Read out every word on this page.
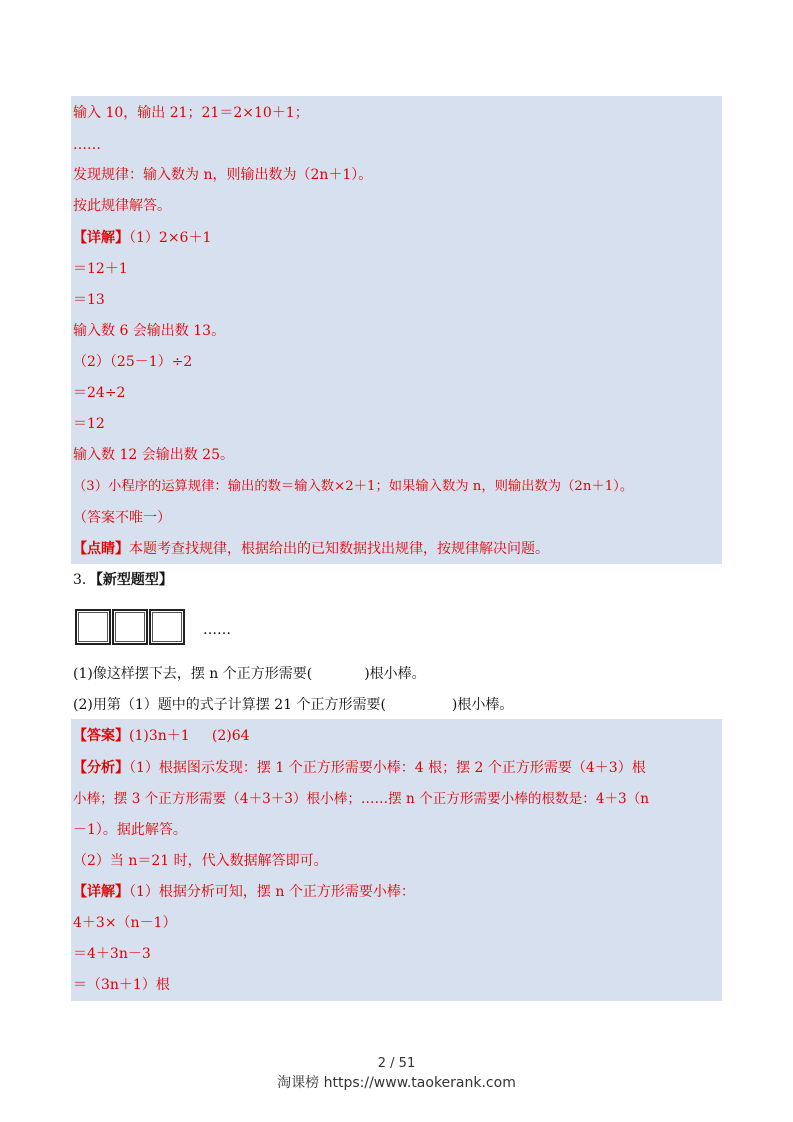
输入 10，输出 21；21＝2×10＋1；
……
发现规律：输入数为 n，则输出数为（2n＋1）。
按此规律解答。
【详解】（1）2×6＋1
＝12＋1
＝13
输入数 6 会输出数 13。
（2）（25－1）÷2
＝24÷2
＝12
输入数 12 会输出数 25。
（3）小程序的运算规律：输出的数＝输入数×2＋1；如果输入数为 n，则输出数为（2n＋1）。
（答案不唯一）
【点睛】本题考查找规律，根据给出的已知数据找出规律，按规律解决问题。
3．【新型题型】
……
(1)像这样摆下去，摆 n 个正方形需要(	)根小棒。
(2)用第（1）题中的式子计算摆 21 个正方形需要(	)根小棒。
【答案】(1)3n＋1     (2)64
【分析】（1）根据图示发现：摆 1 个正方形需要小棒：4 根；摆 2 个正方形需要（4＋3）根
小棒；摆 3 个正方形需要（4＋3＋3）根小棒；……摆 n 个正方形需要小棒的根数是：4＋3（n
－1）。据此解答。
（2）当 n＝21 时，代入数据解答即可。
【详解】（1）根据分析可知，摆 n 个正方形需要小棒：
4＋3×（n－1）
＝4＋3n－3
＝（3n＋1）根
2 / 51
淘课榜 https://www.taokerank.com
